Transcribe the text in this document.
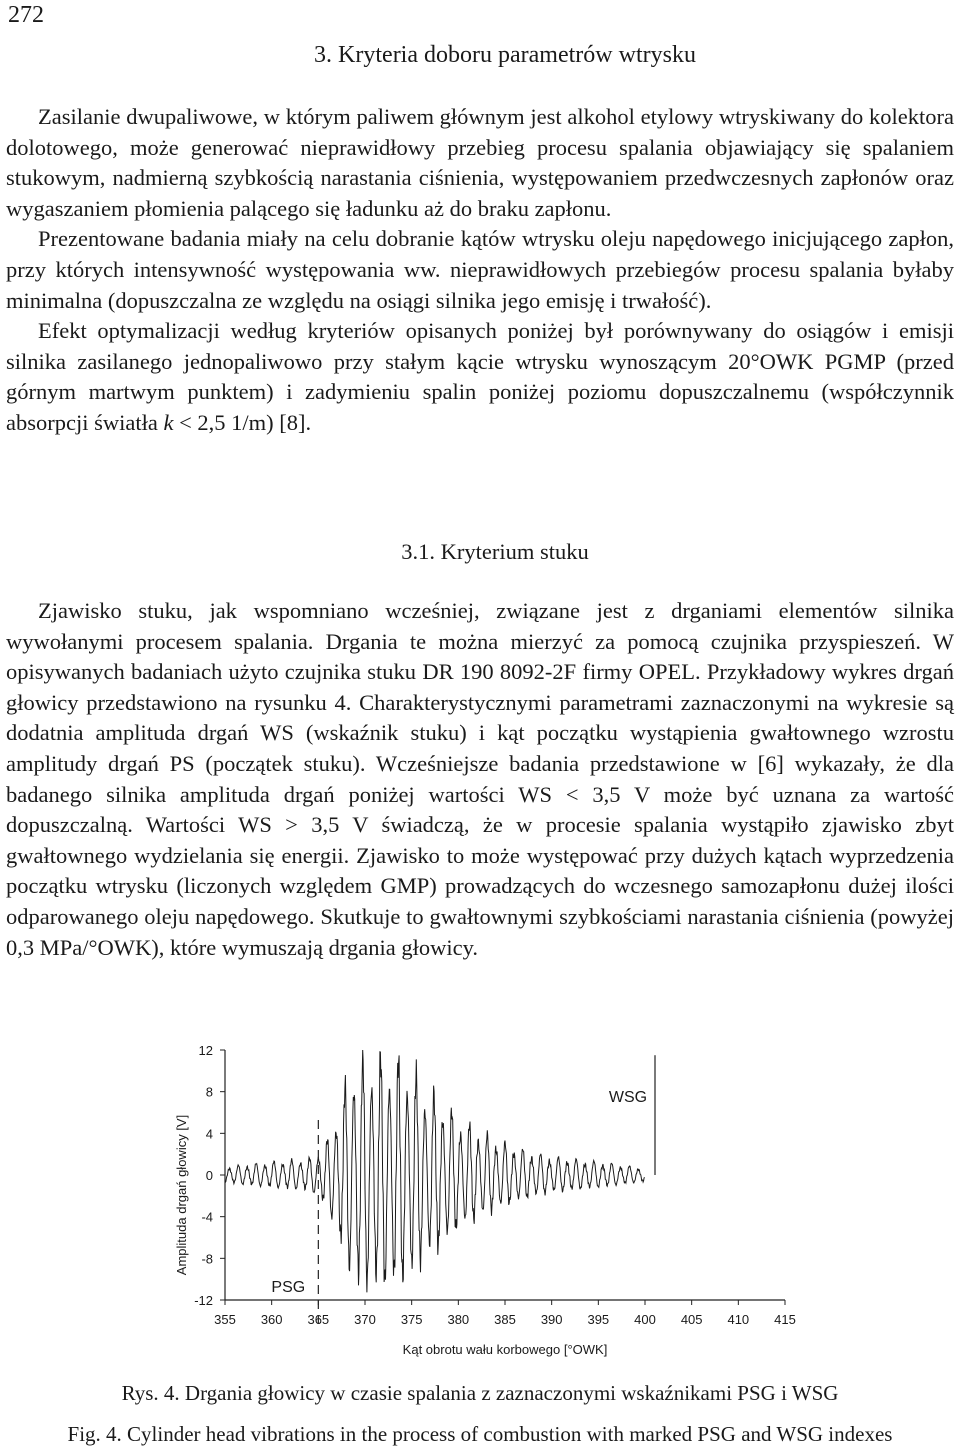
272
3. Kryteria doboru parametrów wtrysku

Zasilanie dwupaliwowe, w którym paliwem głównym jest alkohol etylowy wtryskiwany do kolektora dolotowego, może generować nieprawidłowy przebieg procesu spalania objawiający się spalaniem stukowym, nadmierną szybkością narastania ciśnienia, występowaniem przedwczesnych zapłonów oraz wygaszaniem płomienia palącego się ładunku aż do braku zapłonu.

Prezentowane badania miały na celu dobranie kątów wtrysku oleju napędowego inicjującego zapłon, przy których intensywność występowania ww. nieprawidłowych przebiegów procesu spalania byłaby minimalna (dopuszczalna ze względu na osiągi silnika jego emisję i trwałość).

Efekt optymalizacji według kryteriów opisanych poniżej był porównywany do osiągów i emisji silnika zasilanego jednopaliwowo przy stałym kącie wtrysku wynoszącym 20°OWK PGMP (przed górnym martwym punktem) i zadymieniu spalin poniżej poziomu dopuszczalnemu (współczynnik absorpcji światła k < 2,5 1/m) [8].

3.1. Kryterium stuku

Zjawisko stuku, jak wspomniano wcześniej, związane jest z drganiami elementów silnika wywołanymi procesem spalania. Drgania te można mierzyć za pomocą czujnika przyspieszeń. W opisywanych badaniach użyto czujnika stuku DR 190 8092-2F firmy OPEL. Przykładowy wykres drgań głowicy przedstawiono na rysunku 4. Charakterystycznymi parametrami zaznaczonymi na wykresie są dodatnia amplituda drgań WS (wskaźnik stuku) i kąt początku wystąpienia gwałtownego wzrostu amplitudy drgań PS (początek stuku). Wcześniejsze badania przedstawione w [6] wykazały, że dla badanego silnika amplituda drgań poniżej wartości WS < 3,5 V może być uznana za wartość dopuszczalną. Wartości WS > 3,5 V świadczą, że w procesie spalania wystąpiło zjawisko zbyt gwałtownego wydzielania się energii. Zjawisko to może występować przy dużych kątach wyprzedzenia początku wtrysku (liczonych względem GMP) prowadzących do wczesnego samozapłonu dużej ilości odparowanego oleju napędowego. Skutkuje to gwałtownymi szybkościami narastania ciśnienia (powyżej 0,3 MPa/°OWK), które wymuszają drgania głowicy.

12
8
4
0
-4
-8
-12
355 360 365 370 375 380 385 390 395 400 405 410 415
Kąt obrotu wału korbowego [°OWK]
Amplituda drgań głowicy [V]
WSG
PSG
Rys. 4. Drgania głowicy w czasie spalania z zaznaczonymi wskaźnikami PSG i WSG
Fig. 4. Cylinder head vibrations in the process of combustion with marked PSG and WSG indexes
